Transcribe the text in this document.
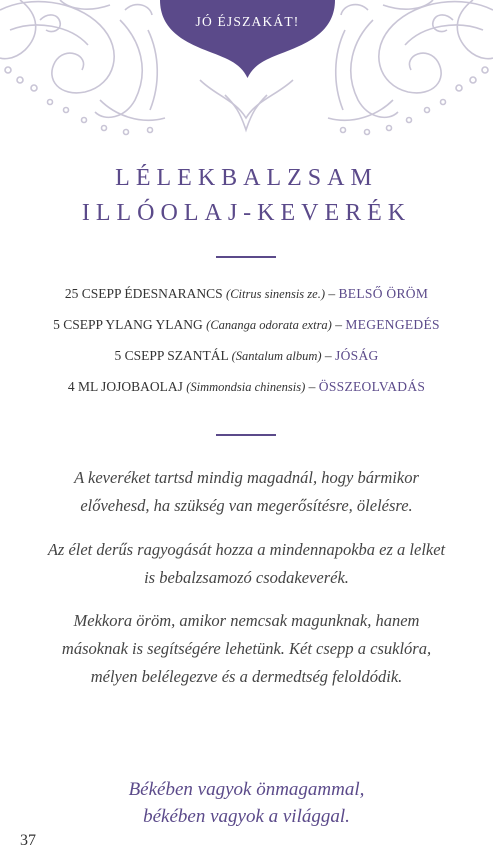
JÓ ÉJSZAKÁT!
LÉLEKBALZSAM
ILLÓOLAJ-KEVERÉK
25 CSEPP ÉDESNARANCS (Citrus sinensis ze.) – BELSŐ ÖRÖM
5 CSEPP YLANG YLANG (Cananga odorata extra) – MEGENGEDÉS
5 CSEPP SZANTÁL (Santalum album) – JÓSÁG
4 ML JOJOBAOLAJ (Simmondsia chinensis) – ÖSSZEOLVADÁS
A keveréket tartsd mindig magadnál, hogy bármikor
elővehesd, ha szükség van megerősítésre, ölelésre.
Az élet derűs ragyogását hozza a mindennapokba ez a lelket
is bebalzsamozó csodakeverék.
Mekkora öröm, amikor nemcsak magunknak, hanem
másoknak is segítségére lehetünk. Két csepp a csuklóra,
mélyen belélegezve és a dermedtség feloldódik.
Békében vagyok önmagammal,
békében vagyok a világgal.
37
